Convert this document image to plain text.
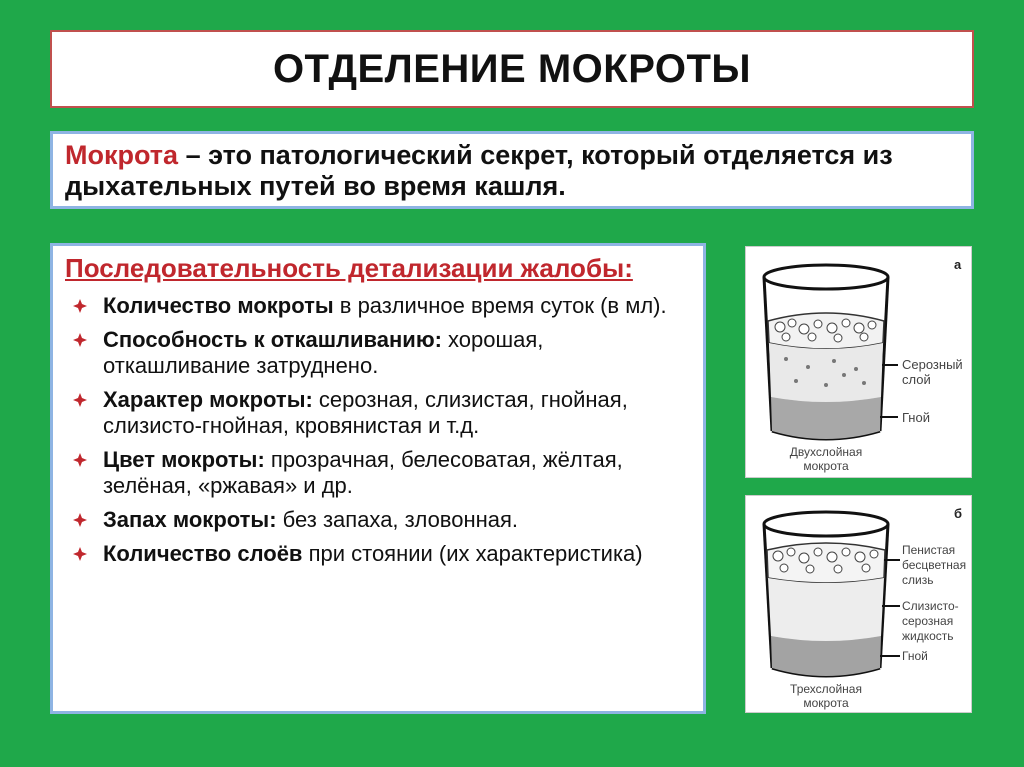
ОТДЕЛЕНИЕ МОКРОТЫ
Мокрота – это патологический секрет, который отделяется из дыхательных путей во время кашля.
Последовательность детализации жалобы:
Количество мокроты в различное время суток (в мл).
Способность к откашливанию: хорошая, откашливание затруднено.
Характер мокроты: серозная, слизистая, гнойная, слизисто-гнойная, кровянистая и т.д.
Цвет мокроты: прозрачная, белесоватая, жёлтая, зелёная, «ржавая» и др.
Запах мокроты: без запаха, зловонная.
Количество слоёв при стоянии (их характеристика)
а
Серозный слой
Гной
Двухслойная мокрота
б
Пенистая бесцветная слизь
Слизисто-серозная жидкость
Гной
Трехслойная мокрота
